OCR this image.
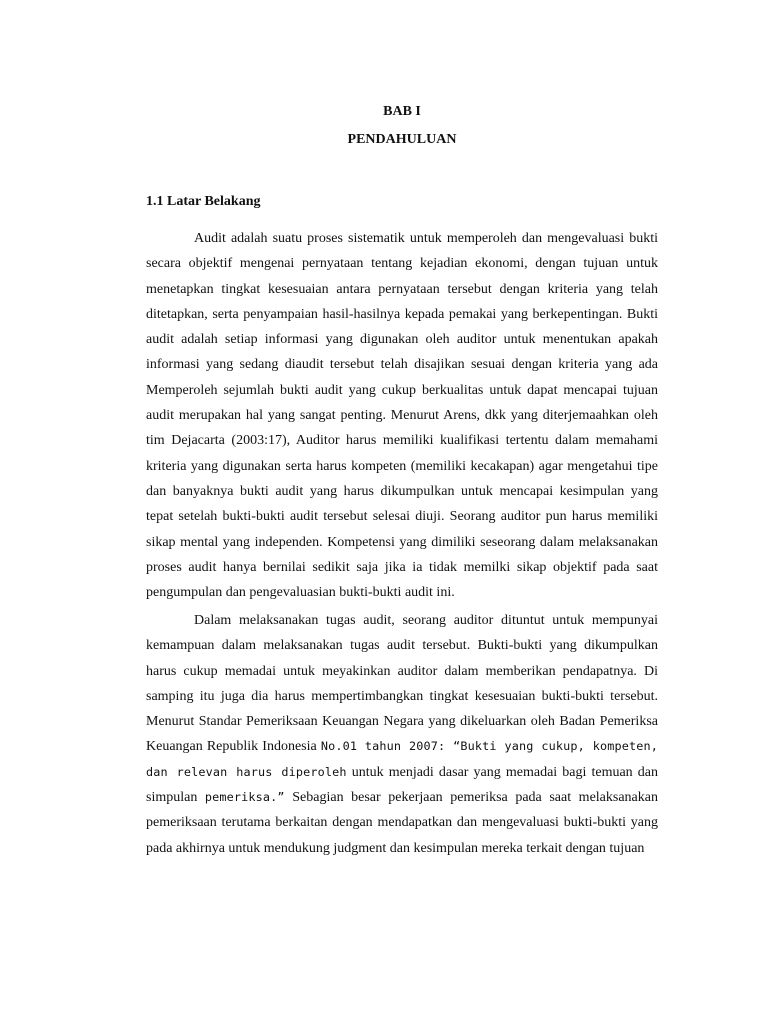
BAB I
PENDAHULUAN
1.1 Latar Belakang

Audit adalah suatu proses sistematik untuk memperoleh dan mengevaluasi bukti secara objektif mengenai pernyataan tentang kejadian ekonomi, dengan tujuan untuk menetapkan tingkat kesesuaian antara pernyataan tersebut dengan kriteria yang telah ditetapkan, serta penyampaian hasil-hasilnya kepada pemakai yang berkepentingan. Bukti audit adalah setiap informasi yang digunakan oleh auditor untuk menentukan apakah informasi yang sedang diaudit tersebut telah disajikan sesuai dengan kriteria yang ada Memperoleh sejumlah bukti audit yang cukup berkualitas untuk dapat mencapai tujuan audit merupakan hal yang sangat penting. Menurut Arens, dkk yang diterjemaahkan oleh tim Dejacarta (2003:17), Auditor harus memiliki kualifikasi tertentu dalam memahami kriteria yang digunakan serta harus kompeten (memiliki kecakapan) agar mengetahui tipe dan banyaknya bukti audit yang harus dikumpulkan untuk mencapai kesimpulan yang tepat setelah bukti-bukti audit tersebut selesai diuji. Seorang auditor pun harus memiliki sikap mental yang independen. Kompetensi yang dimiliki seseorang dalam melaksanakan proses audit hanya bernilai sedikit saja jika ia tidak memilki sikap objektif pada saat pengumpulan dan pengevaluasian bukti-bukti audit ini.

Dalam melaksanakan tugas audit, seorang auditor dituntut untuk mempunyai kemampuan dalam melaksanakan tugas audit tersebut. Bukti-bukti yang dikumpulkan harus cukup memadai untuk meyakinkan auditor dalam memberikan pendapatnya. Di samping itu juga dia harus mempertimbangkan tingkat kesesuaian bukti-bukti tersebut. Menurut Standar Pemeriksaan Keuangan Negara yang dikeluarkan oleh Badan Pemeriksa Keuangan Republik Indonesia No.01 tahun 2007: “Bukti yang cukup, kompeten, dan relevan harus diperoleh untuk menjadi dasar yang memadai bagi temuan dan simpulan pemeriksa.” Sebagian besar pekerjaan pemeriksa pada saat melaksanakan pemeriksaan terutama berkaitan dengan mendapatkan dan mengevaluasi bukti-bukti yang pada akhirnya untuk mendukung judgment dan kesimpulan mereka terkait dengan tujuan
